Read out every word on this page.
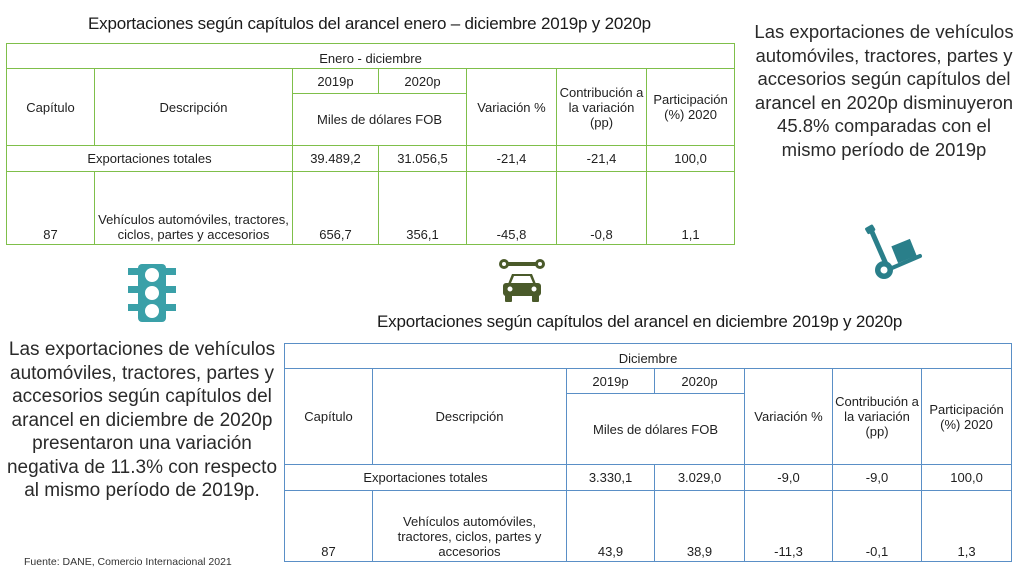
Exportaciones según capítulos del arancel enero – diciembre 2019p y 2020p
Enero - diciembre						
Capítulo	Descripción	2019p	2020p	Variación %	Contribución a la variación (pp)	Participación (%) 2020
		Miles de dólares FOB				
Exportaciones totales		39.489,2	31.056,5	-21,4	-21,4	100,0
87	Vehículos automóviles, tractores, ciclos, partes y accesorios	656,7	356,1	-45,8	-0,8	1,1
Las exportaciones de vehículos automóviles, tractores, partes y accesorios según capítulos del arancel en 2020p disminuyeron 45.8% comparadas con el mismo período de 2019p
Exportaciones según capítulos del arancel en diciembre 2019p y 2020p
Las exportaciones de vehículos automóviles, tractores, partes y accesorios según capítulos del arancel en diciembre de 2020p presentaron una variación negativa de 11.3% con respecto al mismo período de 2019p.
Fuente: DANE, Comercio Internacional 2021
Diciembre						
Capítulo	Descripción	2019p	2020p	Variación %	Contribución a la variación (pp)	Participación (%) 2020
		Miles de dólares FOB				
Exportaciones totales		3.330,1	3.029,0	-9,0	-9,0	100,0
87	Vehículos automóviles, tractores, ciclos, partes y accesorios	43,9	38,9	-11,3	-0,1	1,3
